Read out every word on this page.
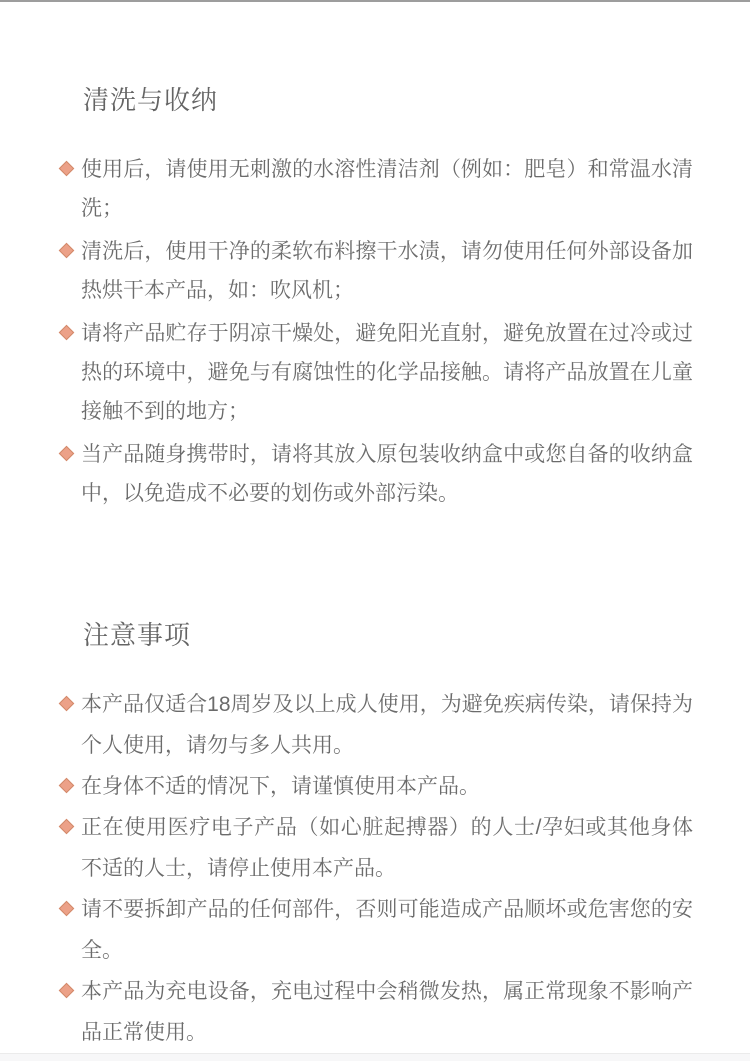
清洗与收纳
使用后，请使用无刺激的水溶性清洁剂（例如：肥皂）和常温水清洗；
清洗后，使用干净的柔软布料擦干水渍，请勿使用任何外部设备加热烘干本产品，如：吹风机；
请将产品贮存于阴凉干燥处，避免阳光直射，避免放置在过冷或过热的环境中，避免与有腐蚀性的化学品接触。请将产品放置在儿童接触不到的地方；
当产品随身携带时，请将其放入原包装收纳盒中或您自备的收纳盒中，以免造成不必要的划伤或外部污染。
注意事项
本产品仅适合18周岁及以上成人使用，为避免疾病传染，请保持为个人使用，请勿与多人共用。
在身体不适的情况下，请谨慎使用本产品。
正在使用医疗电子产品（如心脏起搏器）的人士/孕妇或其他身体不适的人士，请停止使用本产品。
请不要拆卸产品的任何部件，否则可能造成产品顺坏或危害您的安全。
本产品为充电设备，充电过程中会稍微发热，属正常现象不影响产品正常使用。
